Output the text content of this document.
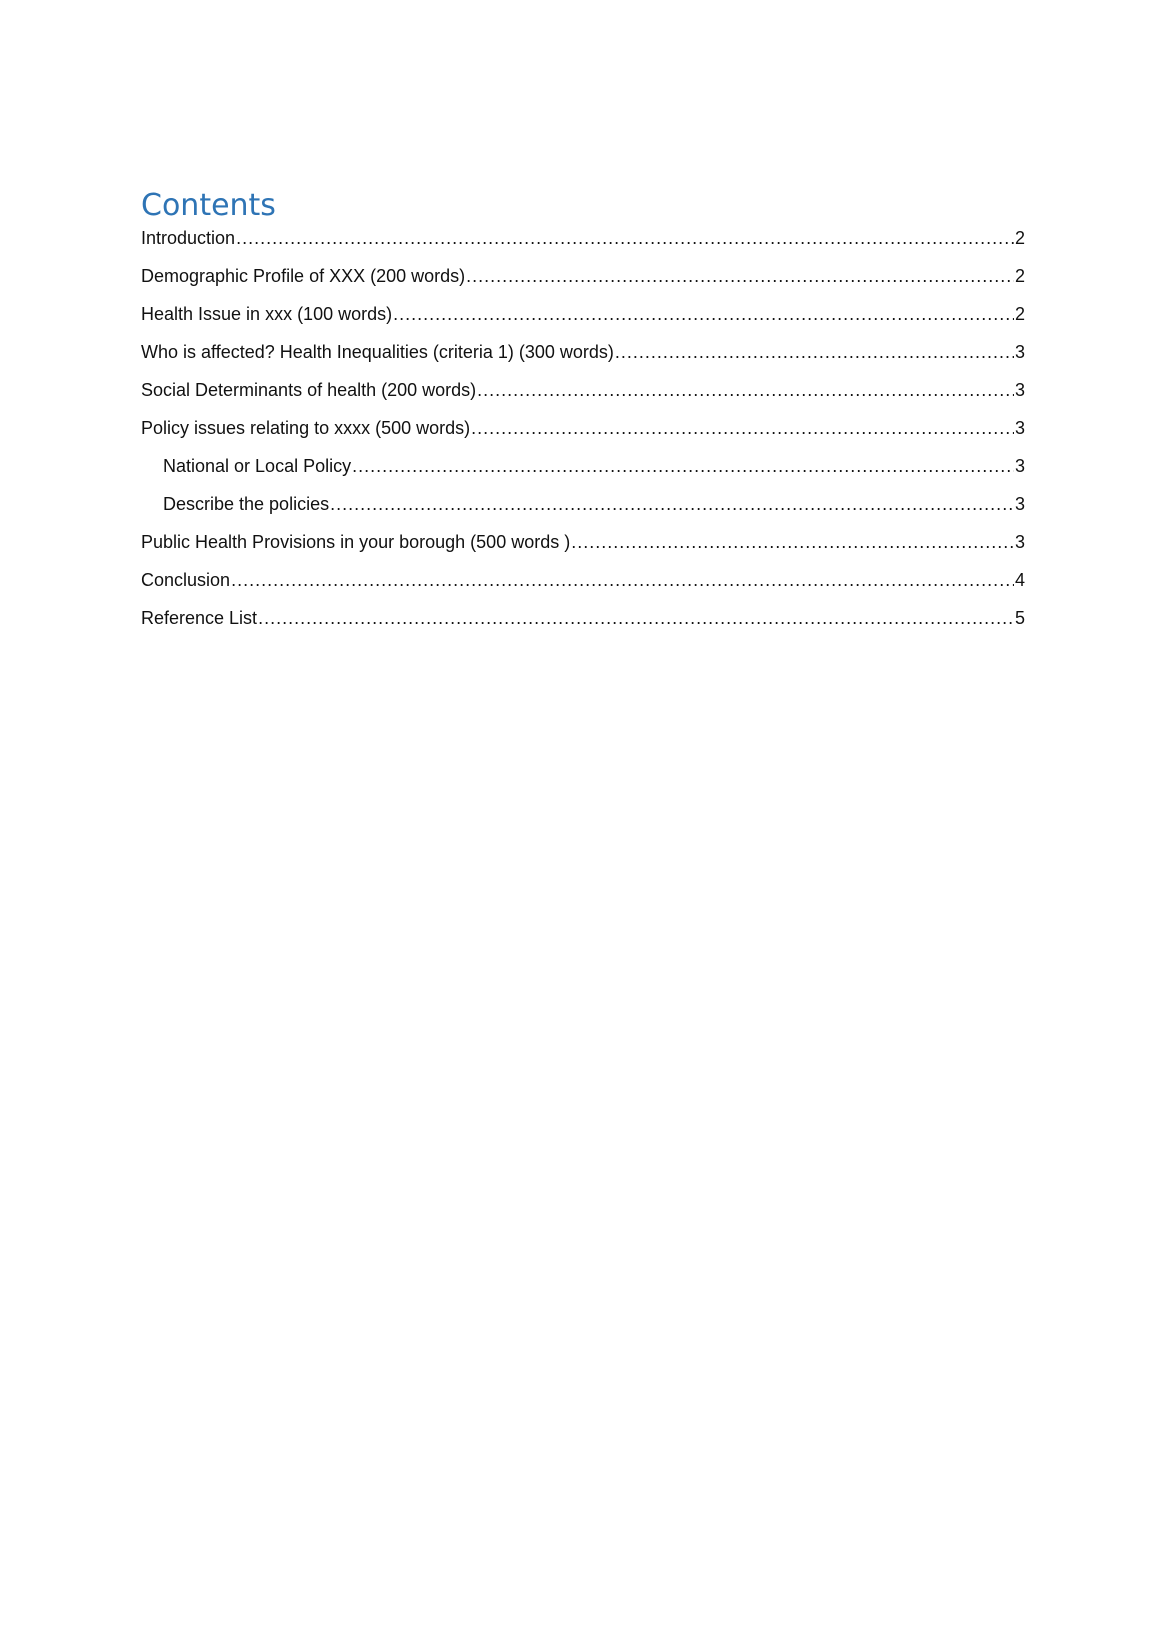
Contents
Introduction .....	2
Demographic Profile of XXX (200 words) .....	2
Health Issue in xxx (100 words) .....	2
Who is affected? Health Inequalities (criteria 1) (300 words) .....	3
Social Determinants of health (200 words) .....	3
Policy issues relating to xxxx (500 words) .....	3
National or Local Policy .....	3
Describe the policies .....	3
Public Health Provisions in your borough (500 words ) .....	3
Conclusion .....	4
Reference List .....	5
